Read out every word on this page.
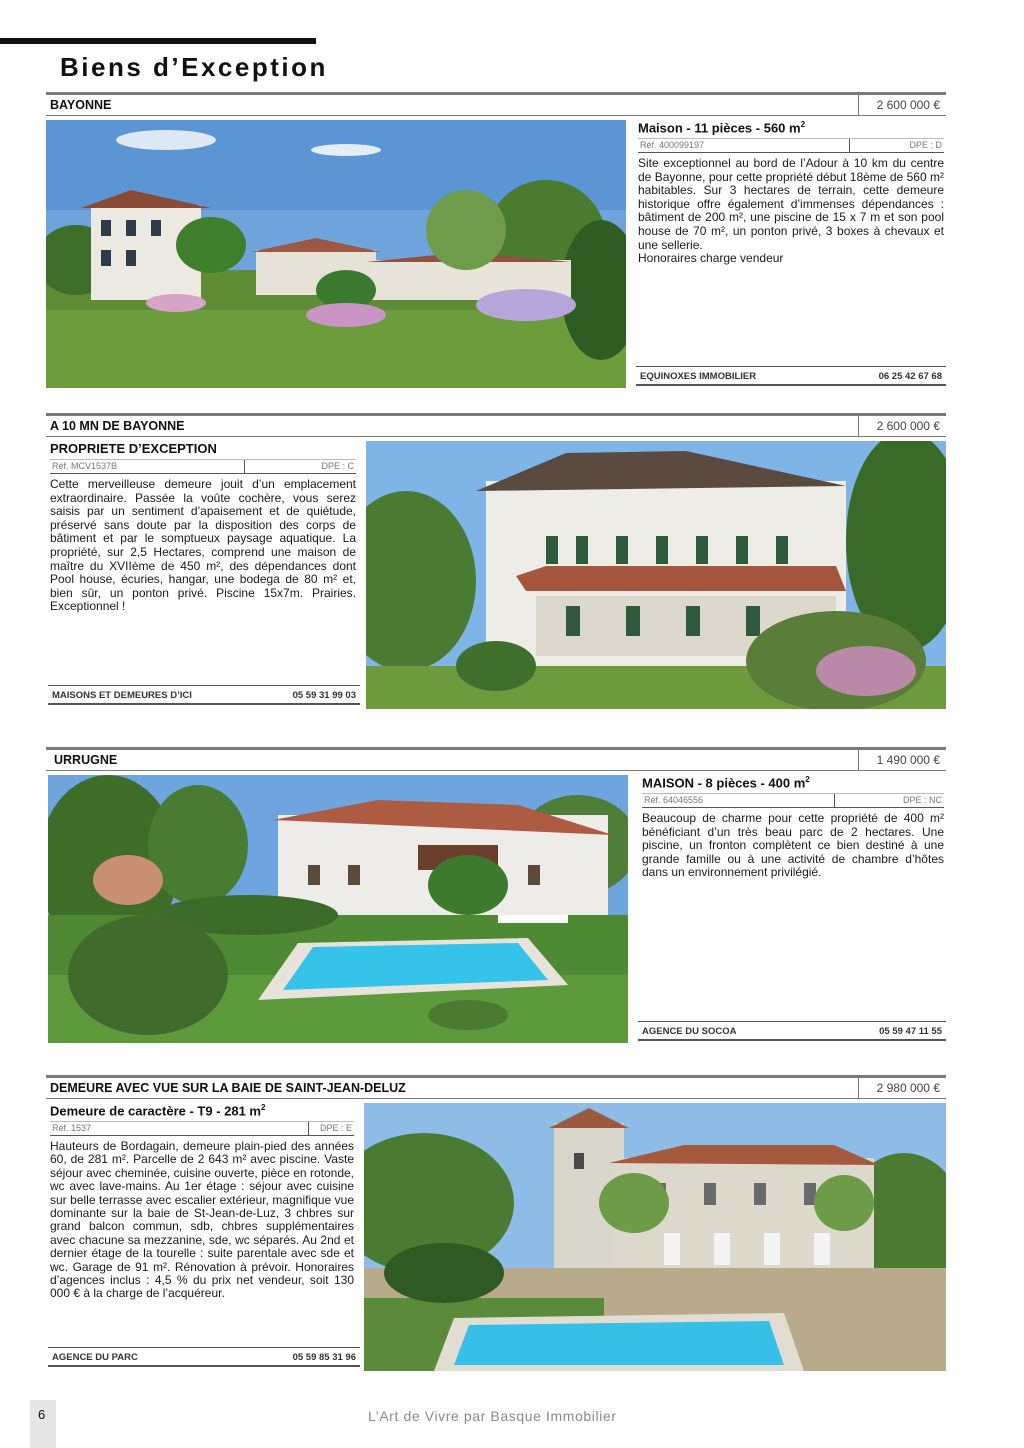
Biens d’Exception
BAYONNE	2 600 000 €
Maison - 11 pièces - 560 $m^2$
Réf. 400099197	DPE : D

Site exceptionnel au bord de l’Adour à 10 km du centre de Bayonne, pour cette propriété début 18ème de 560 m² habitables. Sur 3 hectares de terrain, cette demeure historique offre également d’immenses dépendances : bâtiment de 200 m², une piscine de 15 x 7 m et son pool house de 70 m², un ponton privé, 3 boxes à chevaux et une sellerie.

Honoraires charge vendeur

EQUINOXES IMMOBILIER	06 25 42 67 68
A 10 MN DE BAYONNE	2 600 000 €
PROPRIETE D’EXCEPTION
Réf. MCV1537B	DPE : C

Cette merveilleuse demeure jouit d’un emplacement extraordinaire. Passée la voûte cochère, vous serez saisis par un sentiment d’apaisement et de quiétude, préservé sans doute par la disposition des corps de bâtiment et par le somptueux paysage aquatique. La propriété, sur 2,5 Hectares, comprend une maison de maître du XVIIème de 450 m², des dépendances dont Pool house, écuries, hangar, une bodega de 80 m² et, bien sûr, un ponton privé. Piscine 15x7m. Prairies. Exceptionnel !

MAISONS ET DEMEURES D’ICI	05 59 31 99 03
URRUGNE	1 490 000 €
MAISON - 8 pièces - 400 $m^2$
Réf. 64046556	DPE : NC

Beaucoup de charme pour cette propriété de 400 m² bénéficiant d’un très beau parc de 2 hectares. Une piscine, un fronton complètent ce bien destiné à une grande famille ou à une activité de chambre d’hôtes dans un environnement privilégié.

AGENCE DU SOCOA	05 59 47 11 55
DEMEURE AVEC VUE SUR LA BAIE DE SAINT-JEAN-DELUZ	2 980 000 €
Demeure de caractère - T9 - 281 $m^2$
Réf. 1537	DPE : E

Hauteurs de Bordagain, demeure plain-pied des années 60, de 281 m². Parcelle de 2 643 m² avec piscine. Vaste séjour avec cheminée, cuisine ouverte, pièce en rotonde, wc avec lave-mains. Au 1er étage : séjour avec cuisine sur belle terrasse avec escalier extérieur, magnifique vue dominante sur la baie de St-Jean-de-Luz, 3 chbres sur grand balcon commun, sdb, chbres supplémentaires avec chacune sa mezzanine, sde, wc séparés. Au 2nd et dernier étage de la tourelle : suite parentale avec sde et wc. Garage de 91 m². Rénovation à prévoir. Honoraires d’agences inclus : 4,5 % du prix net vendeur, soit 130 000 € à la charge de l’acquéreur.

AGENCE DU PARC	05 59 85 31 96
6	L’Art de Vivre par Basque Immobilier
